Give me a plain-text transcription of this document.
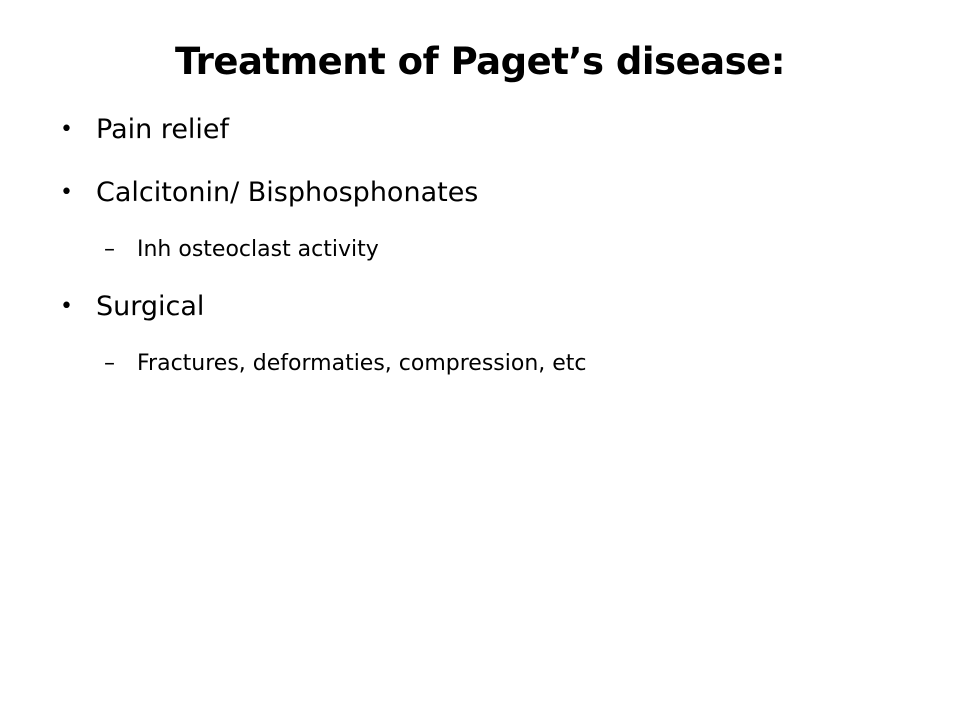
Treatment of Paget’s disease:
• Pain relief
• Calcitonin/ Bisphosphonates
– Inh osteoclast activity
• Surgical
– Fractures, deformaties, compression, etc
